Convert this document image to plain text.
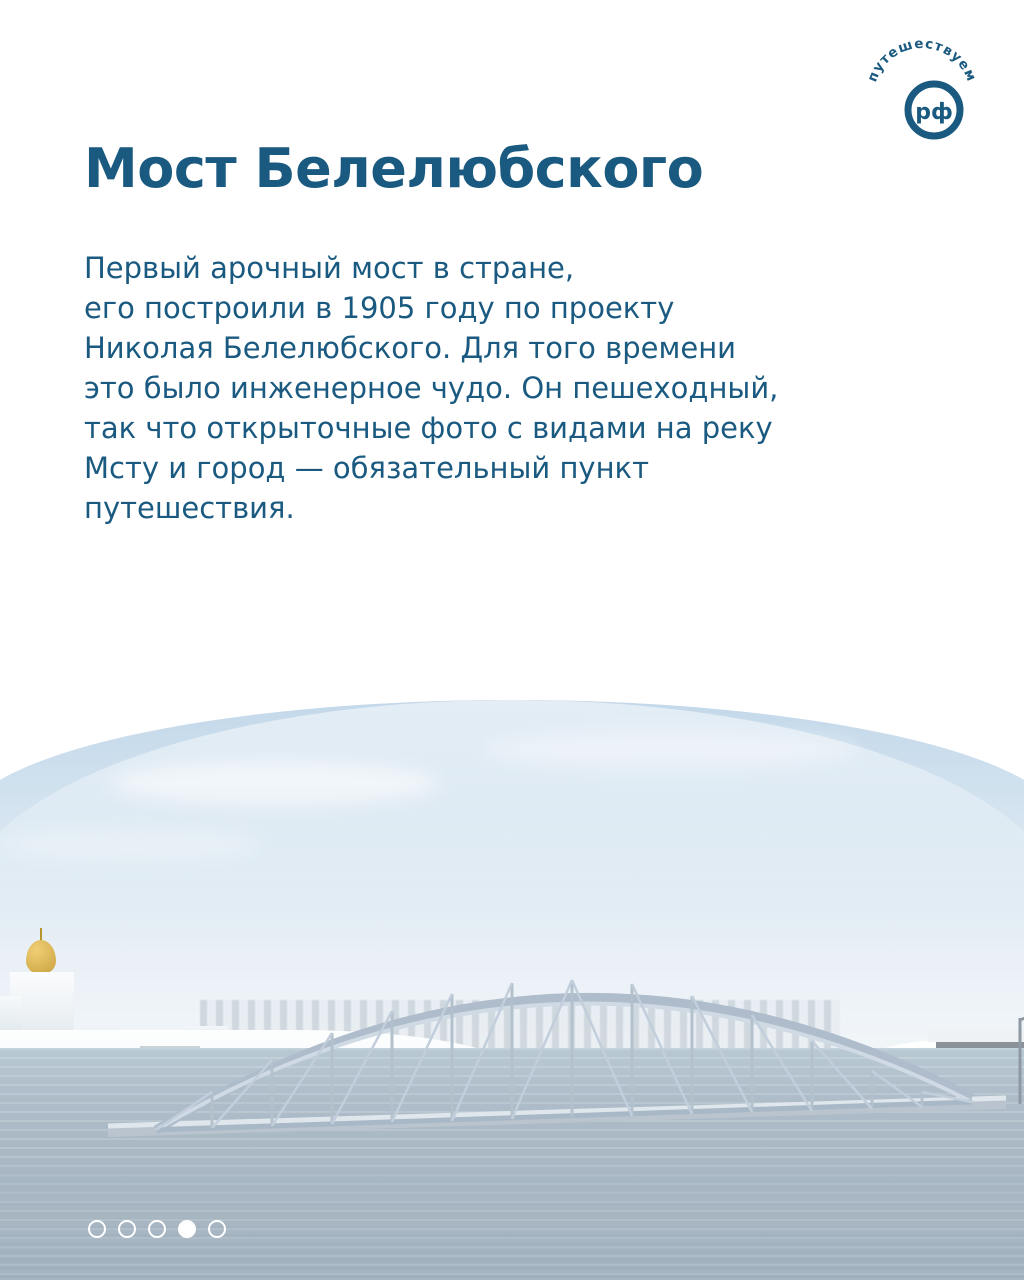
путешествуем
рф
Мост Белелюбского
Первый арочный мост в стране,
его построили в 1905 году по проекту
Николая Белелюбского. Для того времени
это было инженерное чудо. Он пешеходный,
так что открыточные фото с видами на реку
Мсту и город — обязательный пункт
путешествия.
